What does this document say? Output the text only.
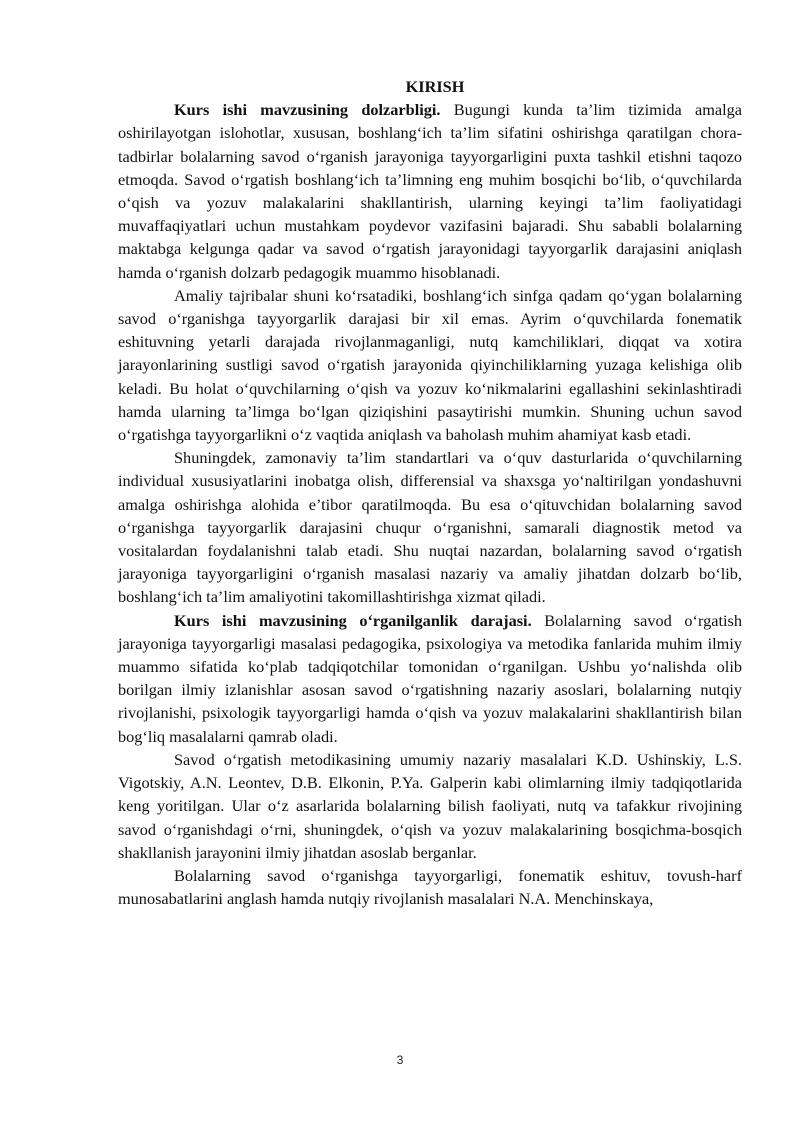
KIRISH

Kurs ishi mavzusining dolzarbligi. Bugungi kunda ta’lim tizimida amalga oshirilayotgan islohotlar, xususan, boshlang‘ich ta’lim sifatini oshirishga qaratilgan chora-tadbirlar bolalarning savod o‘rganish jarayoniga tayyorgarligini puxta tashkil etishni taqozo etmoqda. Savod o‘rgatish boshlang‘ich ta’limning eng muhim bosqichi bo‘lib, o‘quvchilarda o‘qish va yozuv malakalarini shakllantirish, ularning keyingi ta’lim faoliyatidagi muvaffaqiyatlari uchun mustahkam poydevor vazifasini bajaradi. Shu sababli bolalarning maktabga kelgunga qadar va savod o‘rgatish jarayonidagi tayyorgarlik darajasini aniqlash hamda o‘rganish dolzarb pedagogik muammo hisoblanadi.

Amaliy tajribalar shuni ko‘rsatadiki, boshlang‘ich sinfga qadam qo‘ygan bolalarning savod o‘rganishga tayyorgarlik darajasi bir xil emas. Ayrim o‘quvchilarda fonematik eshituvning yetarli darajada rivojlanmaganligi, nutq kamchiliklari, diqqat va xotira jarayonlarining sustligi savod o‘rgatish jarayonida qiyinchiliklarning yuzaga kelishiga olib keladi. Bu holat o‘quvchilarning o‘qish va yozuv ko‘nikmalarini egallashini sekinlashtiradi hamda ularning ta’limga bo‘lgan qiziqishini pasaytirishi mumkin. Shuning uchun savod o‘rgatishga tayyorgarlikni o‘z vaqtida aniqlash va baholash muhim ahamiyat kasb etadi.

Shuningdek, zamonaviy ta’lim standartlari va o‘quv dasturlarida o‘quvchilarning individual xususiyatlarini inobatga olish, differensial va shaxsga yo‘naltirilgan yondashuvni amalga oshirishga alohida e’tibor qaratilmoqda. Bu esa o‘qituvchidan bolalarning savod o‘rganishga tayyorgarlik darajasini chuqur o‘rganishni, samarali diagnostik metod va vositalardan foydalanishni talab etadi. Shu nuqtai nazardan, bolalarning savod o‘rgatish jarayoniga tayyorgarligini o‘rganish masalasi nazariy va amaliy jihatdan dolzarb bo‘lib, boshlang‘ich ta’lim amaliyotini takomillashtirishga xizmat qiladi.

Kurs ishi mavzusining o‘rganilganlik darajasi. Bolalarning savod o‘rgatish jarayoniga tayyorgarligi masalasi pedagogika, psixologiya va metodika fanlarida muhim ilmiy muammo sifatida ko‘plab tadqiqotchilar tomonidan o‘rganilgan. Ushbu yo‘nalishda olib borilgan ilmiy izlanishlar asosan savod o‘rgatishning nazariy asoslari, bolalarning nutqiy rivojlanishi, psixologik tayyorgarligi hamda o‘qish va yozuv malakalarini shakllantirish bilan bog‘liq masalalarni qamrab oladi.

Savod o‘rgatish metodikasining umumiy nazariy masalalari K.D. Ushinskiy, L.S. Vigotskiy, A.N. Leontev, D.B. Elkonin, P.Ya. Galperin kabi olimlarning ilmiy tadqiqotlarida keng yoritilgan. Ular o‘z asarlarida bolalarning bilish faoliyati, nutq va tafakkur rivojining savod o‘rganishdagi o‘rni, shuningdek, o‘qish va yozuv malakalarining bosqichma-bosqich shakllanish jarayonini ilmiy jihatdan asoslab berganlar.

Bolalarning savod o‘rganishga tayyorgarligi, fonematik eshituv, tovush-harf munosabatlarini anglash hamda nutqiy rivojlanish masalalari N.A. Menchinskaya,

3
